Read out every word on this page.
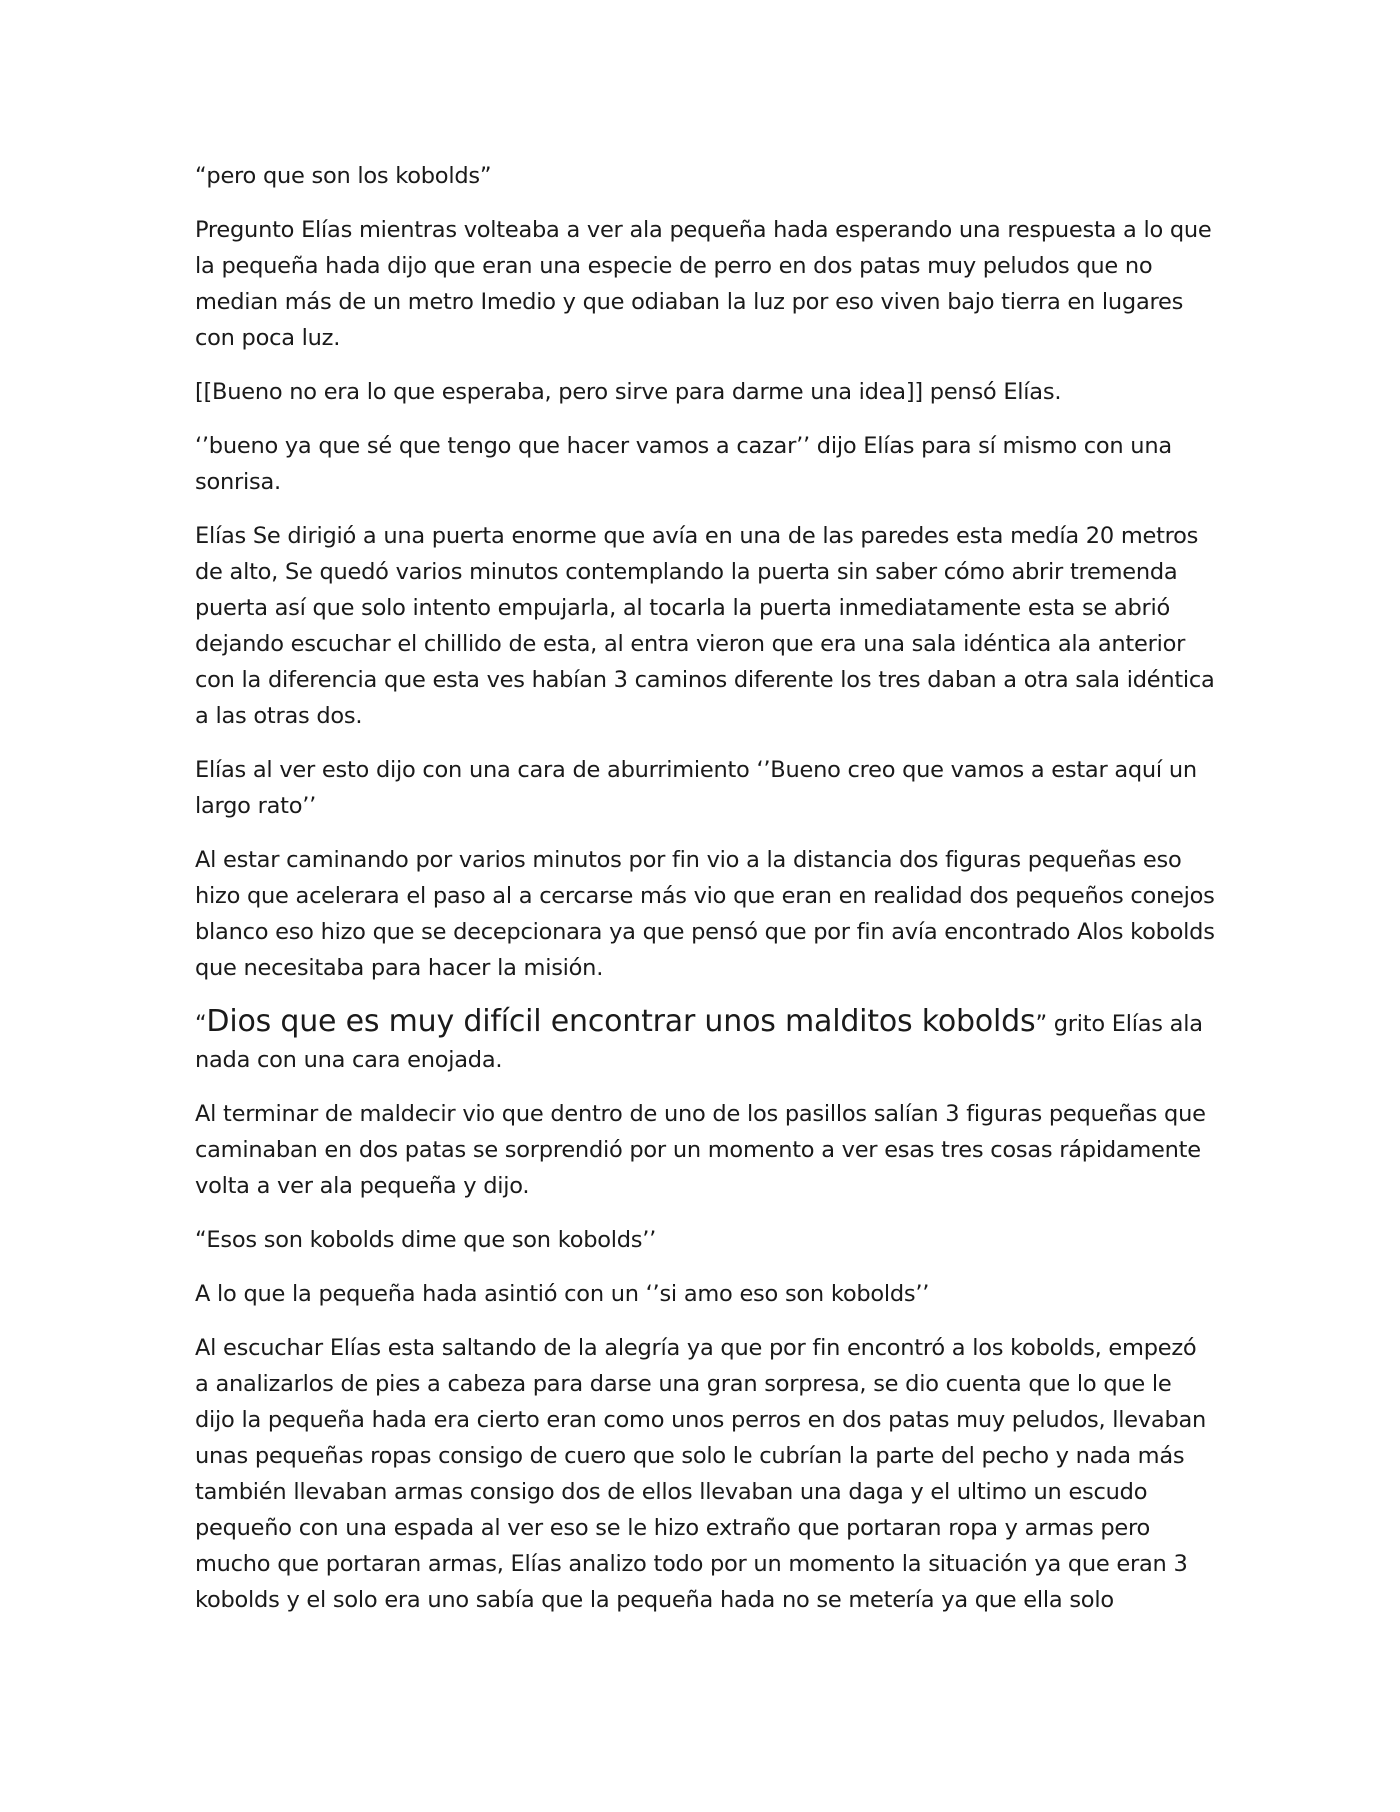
“pero que son los kobolds”

Pregunto Elías mientras volteaba a ver ala pequeña hada esperando una respuesta a lo que la pequeña hada dijo que eran una especie de perro en dos patas muy peludos que no median más de un metro Imedio y que odiaban la luz por eso viven bajo tierra en lugares con poca luz.

[[Bueno no era lo que esperaba, pero sirve para darme una idea]] pensó Elías.

‘’bueno ya que sé que tengo que hacer vamos a cazar’’ dijo Elías para sí mismo con una sonrisa.

Elías Se dirigió a una puerta enorme que avía en una de las paredes esta medía 20 metros de alto, Se quedó varios minutos contemplando la puerta sin saber cómo abrir tremenda puerta así que solo intento empujarla, al tocarla la puerta inmediatamente esta se abrió dejando escuchar el chillido de esta, al entra vieron que era una sala idéntica ala anterior con la diferencia que esta ves habían 3 caminos diferente los tres daban a otra sala idéntica a las otras dos.

Elías al ver esto dijo con una cara de aburrimiento ‘’Bueno creo que vamos a estar aquí un largo rato’’

Al estar caminando por varios minutos por fin vio a la distancia dos figuras pequeñas eso hizo que acelerara el paso al a cercarse más vio que eran en realidad dos pequeños conejos blanco eso hizo que se decepcionara ya que pensó que por fin avía encontrado Alos kobolds que necesitaba para hacer la misión.

“Dios que es muy difícil encontrar unos malditos kobolds” grito Elías ala nada con una cara enojada.

Al terminar de maldecir vio que dentro de uno de los pasillos salían 3 figuras pequeñas que caminaban en dos patas se sorprendió por un momento a ver esas tres cosas rápidamente volta a ver ala pequeña y dijo.

“Esos son kobolds dime que son kobolds’’

A lo que la pequeña hada asintió con un ‘’si amo eso son kobolds’’

Al escuchar Elías esta saltando de la alegría ya que por fin encontró a los kobolds, empezó a analizarlos de pies a cabeza para darse una gran sorpresa, se dio cuenta que lo que le dijo la pequeña hada era cierto eran como unos perros en dos patas muy peludos, llevaban unas pequeñas ropas consigo de cuero que solo le cubrían la parte del pecho y nada más también llevaban armas consigo dos de ellos llevaban una daga y el ultimo un escudo pequeño con una espada al ver eso se le hizo extraño que portaran ropa y armas pero mucho que portaran armas, Elías analizo todo por un momento la situación ya que eran 3 kobolds y el solo era uno sabía que la pequeña hada no se metería ya que ella solo
